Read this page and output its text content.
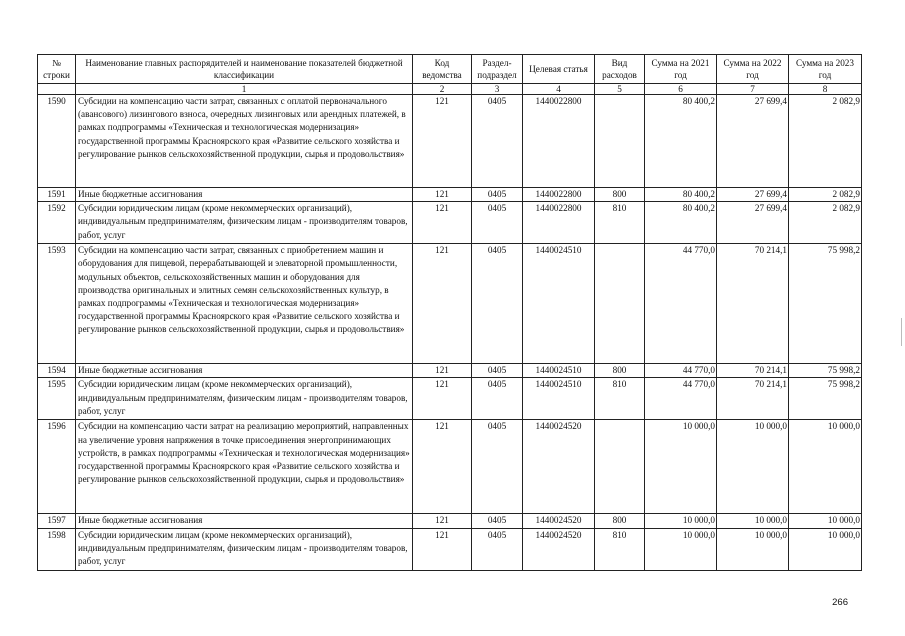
№ строки	Наименование главных распорядителей и наименование показателей бюджетной классификации	Код ведомства	Раздел-подраздел	Целевая статья	Вид расходов	Сумма на 2021 год	Сумма на 2022 год	Сумма на 2023 год
	1	2	3	4	5	6	7	8
1590	Субсидии на компенсацию части затрат, связанных с оплатой первоначального (авансового) лизингового взноса, очередных лизинговых или арендных платежей, в рамках подпрограммы «Техническая и технологическая модернизация» государственной программы Красноярского края «Развитие сельского хозяйства и регулирование рынков сельскохозяйственной продукции, сырья и продовольствия»	121	0405	1440022800		80 400,2	27 699,4	2 082,9
1591	Иные бюджетные ассигнования	121	0405	1440022800	800	80 400,2	27 699,4	2 082,9
1592	Субсидии юридическим лицам (кроме некоммерческих организаций), индивидуальным предпринимателям, физическим лицам - производителям товаров, работ, услуг	121	0405	1440022800	810	80 400,2	27 699,4	2 082,9
1593	Субсидии на компенсацию части затрат, связанных с приобретением машин и оборудования для пищевой, перерабатывающей и элеваторной промышленности, модульных объектов, сельскохозяйственных машин и оборудования для производства оригинальных и элитных семян сельскохозяйственных культур, в рамках подпрограммы «Техническая и технологическая модернизация» государственной программы Красноярского края «Развитие сельского хозяйства и регулирование рынков сельскохозяйственной продукции, сырья и продовольствия»	121	0405	1440024510		44 770,0	70 214,1	75 998,2
1594	Иные бюджетные ассигнования	121	0405	1440024510	800	44 770,0	70 214,1	75 998,2
1595	Субсидии юридическим лицам (кроме некоммерческих организаций), индивидуальным предпринимателям, физическим лицам - производителям товаров, работ, услуг	121	0405	1440024510	810	44 770,0	70 214,1	75 998,2
1596	Субсидии на компенсацию части затрат на реализацию мероприятий, направленных на увеличение уровня напряжения в точке присоединения энергопринимающих устройств, в рамках подпрограммы «Техническая и технологическая модернизация» государственной программы Красноярского края «Развитие сельского хозяйства и регулирование рынков сельскохозяйственной продукции, сырья и продовольствия»	121	0405	1440024520		10 000,0	10 000,0	10 000,0
1597	Иные бюджетные ассигнования	121	0405	1440024520	800	10 000,0	10 000,0	10 000,0
1598	Субсидии юридическим лицам (кроме некоммерческих организаций), индивидуальным предпринимателям, физическим лицам - производителям товаров, работ, услуг	121	0405	1440024520	810	10 000,0	10 000,0	10 000,0
266
